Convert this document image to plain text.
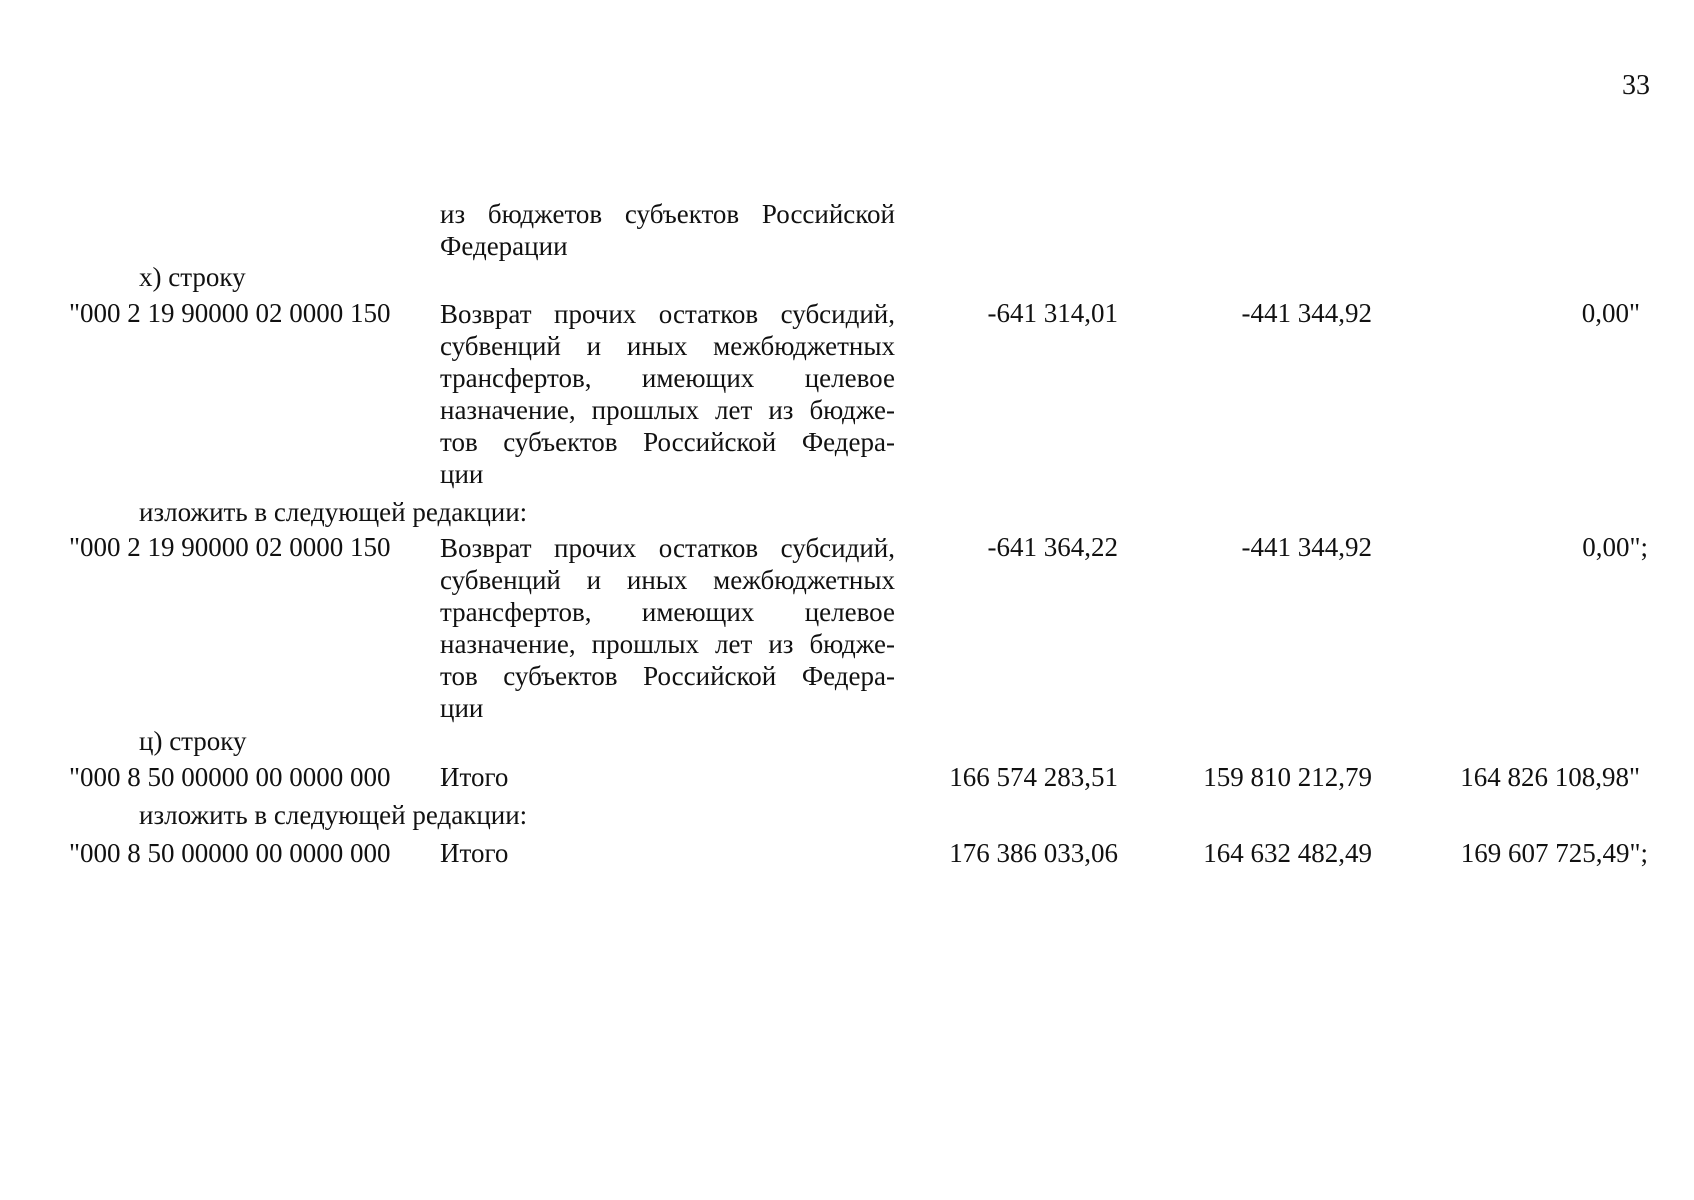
33
из бюджетов субъектов Российской
Федерации
х) строку
"000 2 19 90000 02 0000 150 Возврат прочих остатков субсидий,
субвенций и иных межбюджетных
трансфертов, имеющих целевое
назначение, прошлых лет из бюдже-
тов субъектов Российской Федера-
ции
-641 314,01	-441 344,92	0,00"
изложить в следующей редакции:
"000 2 19 90000 02 0000 150 Возврат прочих остатков субсидий,
субвенций и иных межбюджетных
трансфертов, имеющих целевое
назначение, прошлых лет из бюдже-
тов субъектов Российской Федера-
ции
-641 364,22	-441 344,92	0,00";
ц) строку
"000 8 50 00000 00 0000 000 Итого	166 574 283,51	159 810 212,79	164 826 108,98"
изложить в следующей редакции:
"000 8 50 00000 00 0000 000 Итого	176 386 033,06	164 632 482,49	169 607 725,49";
